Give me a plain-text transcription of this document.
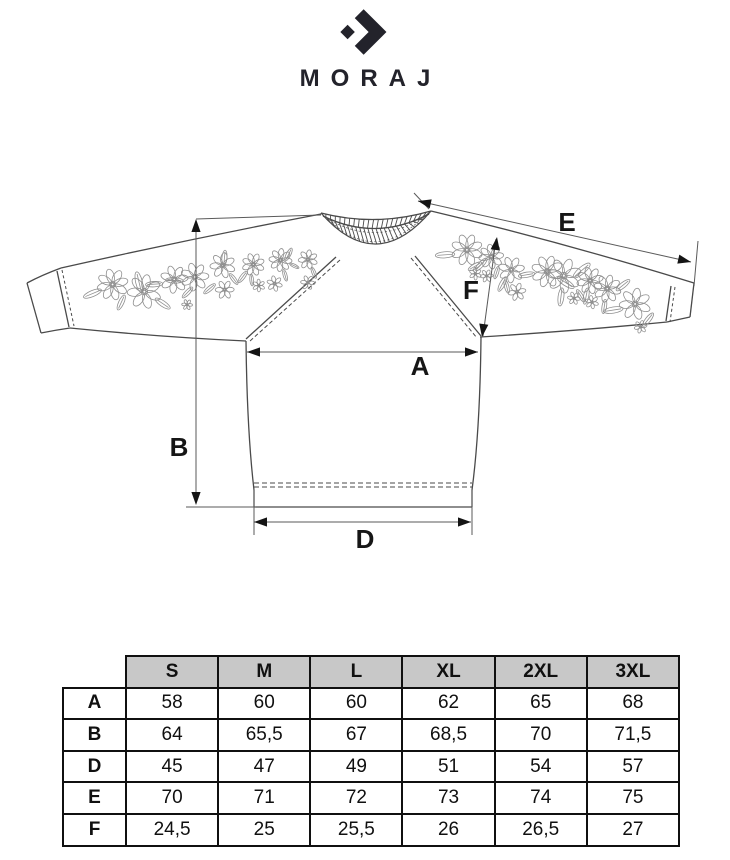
MORAJ
A
B
D
E
F
	S	M	L	XL	2XL	3XL
A	58	60	60	62	65	68
B	64	65,5	67	68,5	70	71,5
D	45	47	49	51	54	57
E	70	71	72	73	74	75
F	24,5	25	25,5	26	26,5	27
